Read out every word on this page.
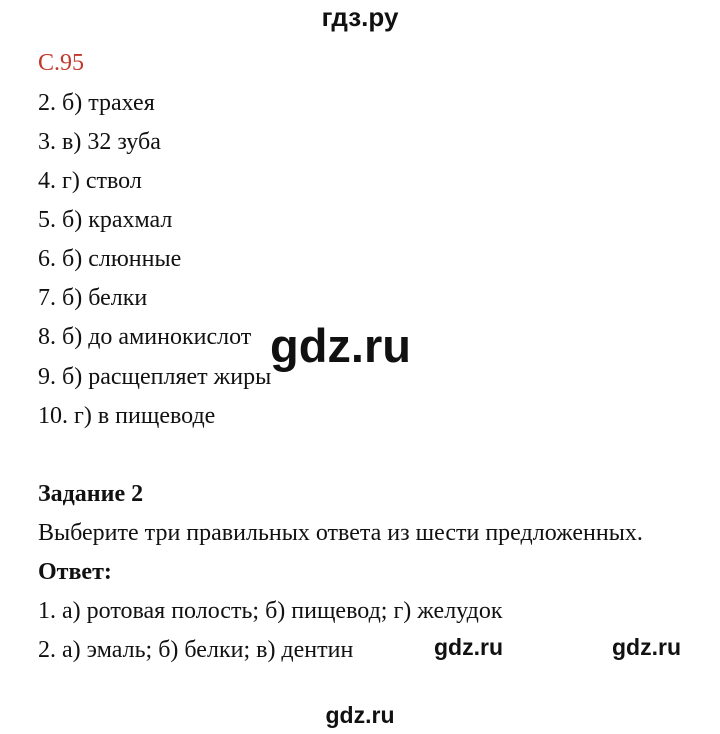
гдз.ру
С.95
2. б) трахея
3. в) 32 зуба
4. г) ствол
5. б) крахмал
6. б) слюнные
7. б) белки
8. б) до аминокислот
9. б) расщепляет жиры
10. г) в пищеводе
Задание 2
Выберите три правильных ответа из шести предложенных.
Ответ:
1. а) ротовая полость; б) пищевод; г) желудок
2. а) эмаль; б) белки; в) дентин
gdz.ru
gdz.ru	gdz.ru
gdz.ru
